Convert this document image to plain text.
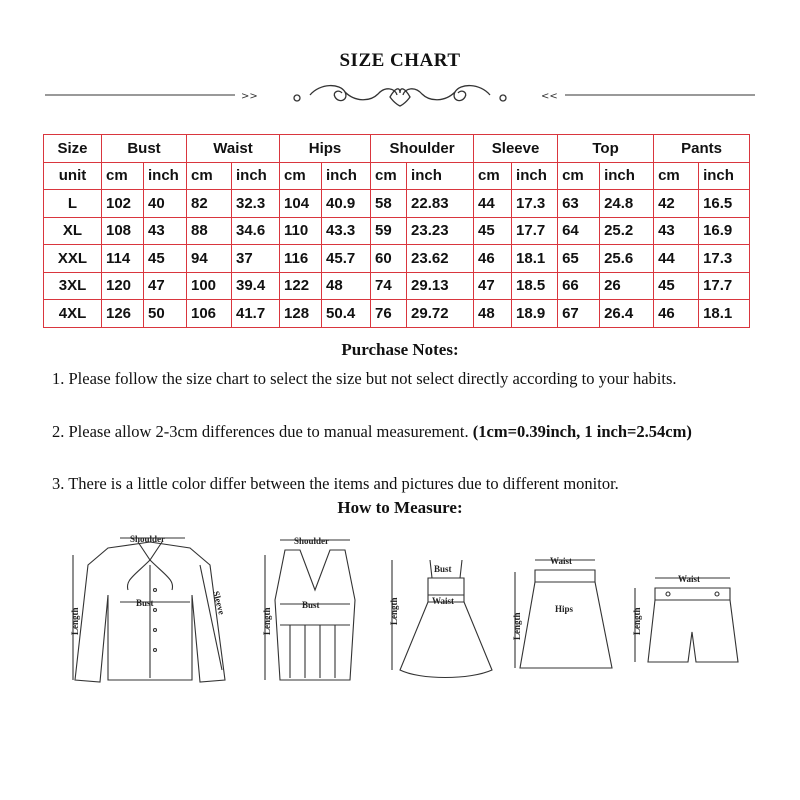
SIZE CHART
>>	<<
Size	Bust		Waist		Hips		Shoulder		Sleeve		Top		Pants	
unit	cm	inch	cm	inch	cm	inch	cm	inch	cm	inch	cm	inch	cm	inch
L	102	40	82	32.3	104	40.9	58	22.83	44	17.3	63	24.8	42	16.5
XL	108	43	88	34.6	110	43.3	59	23.23	45	17.7	64	25.2	43	16.9
XXL	114	45	94	37	116	45.7	60	23.62	46	18.1	65	25.6	44	17.3
3XL	120	47	100	39.4	122	48	74	29.13	47	18.5	66	26	45	17.7
4XL	126	50	106	41.7	128	50.4	76	29.72	48	18.9	67	26.4	46	18.1
Purchase Notes:
1. Please follow the size chart to select the size but not select directly according to your habits.
2. Please allow 2-3cm differences due to manual measurement. (1cm=0.39inch, 1 inch=2.54cm)
3. There is a little color differ between the items and pictures due to different monitor.
How to Measure:
Shoulder
Bust
Length
Sleeve
Shoulder
Bust
Length
Bust
Waist
Length
Waist
Hips
Length
Waist
Length
